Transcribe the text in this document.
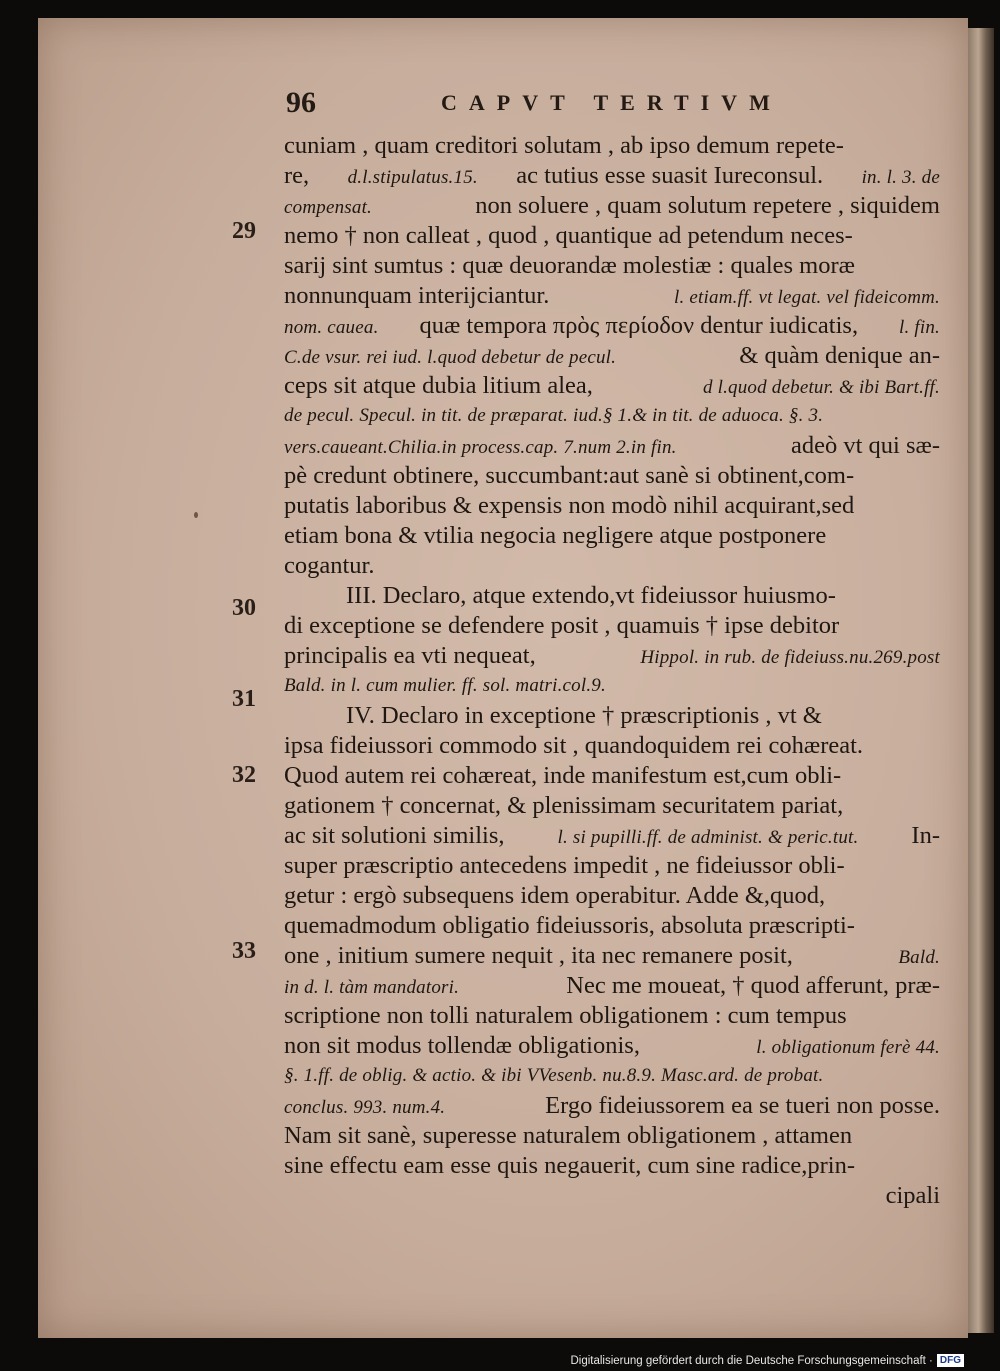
96	CAPVT TERTIVM
29
30
31
32
33
cuniam , quam creditori solutam , ab ipso demum repete-
re, d.l.stipulatus.15. ac tutius esse suasit Iureconsul. in. l. 3. de
compensat.	non soluere , quam solutum repetere , siquidem
nemo † non calleat , quod , quantique ad petendum neces-
sarij sint sumtus : quæ deuorandæ molestiæ : quales moræ
nonnunquam interijciantur.	l. etiam.ff. vt legat. vel fideicomm.
nom. cauea. quæ tempora πρὸς περίοδον dentur iudicatis, l. fin.
C.de vsur. rei iud. l.quod debetur de pecul.	& quàm denique an-
ceps sit atque dubia litium alea,	d l.quod debetur. & ibi Bart.ff.
de pecul. Specul. in tit. de præparat. iud.§ 1.& in tit. de aduoca. §. 3.
vers.caueant.Chilia.in process.cap. 7.num 2.in fin.	adeò vt qui sæ-
pè credunt obtinere, succumbant:aut sanè si obtinent,com-
putatis laboribus & expensis non modò nihil acquirant,sed
etiam bona & vtilia negocia negligere atque postponere
cogantur.
III. Declaro, atque extendo,vt fideiussor huiusmo-
di exceptione se defendere posit , quamuis † ipse debitor
principalis ea vti nequeat,	Hippol. in rub. de fideiuss.nu.269.post
Bald. in l. cum mulier. ff. sol. matri.col.9.
IV. Declaro in exceptione † præscriptionis , vt &
ipsa fideiussori commodo sit , quandoquidem rei cohæreat.
Quod autem rei cohæreat, inde manifestum est,cum obli-
gationem † concernat, & plenissimam securitatem pariat,
ac sit solutioni similis,	l. si pupilli.ff. de administ. & peric.tut. In-
super præscriptio antecedens impedit , ne fideiussor obli-
getur : ergò subsequens idem operabitur. Adde &,quod,
quemadmodum obligatio fideiussoris, absoluta præscripti-
one , initium sumere nequit , ita nec remanere posit,	Bald.
in d. l. tàm mandatori.	Nec me moueat, † quod afferunt, præ-
scriptione non tolli naturalem obligationem : cum tempus
non sit modus tollendæ obligationis,	l. obligationum ferè 44.
§. 1.ff. de oblig. & actio. & ibi VVesenb. nu.8.9. Masc.ard. de probat.
conclus. 993. num.4.	Ergo fideiussorem ea se tueri non posse.
Nam sit sanè, superesse naturalem obligationem , attamen
sine effectu eam esse quis negauerit, cum sine radice,prin-
cipali
Digitalisierung gefördert durch die Deutsche Forschungsgemeinschaft · DFG
